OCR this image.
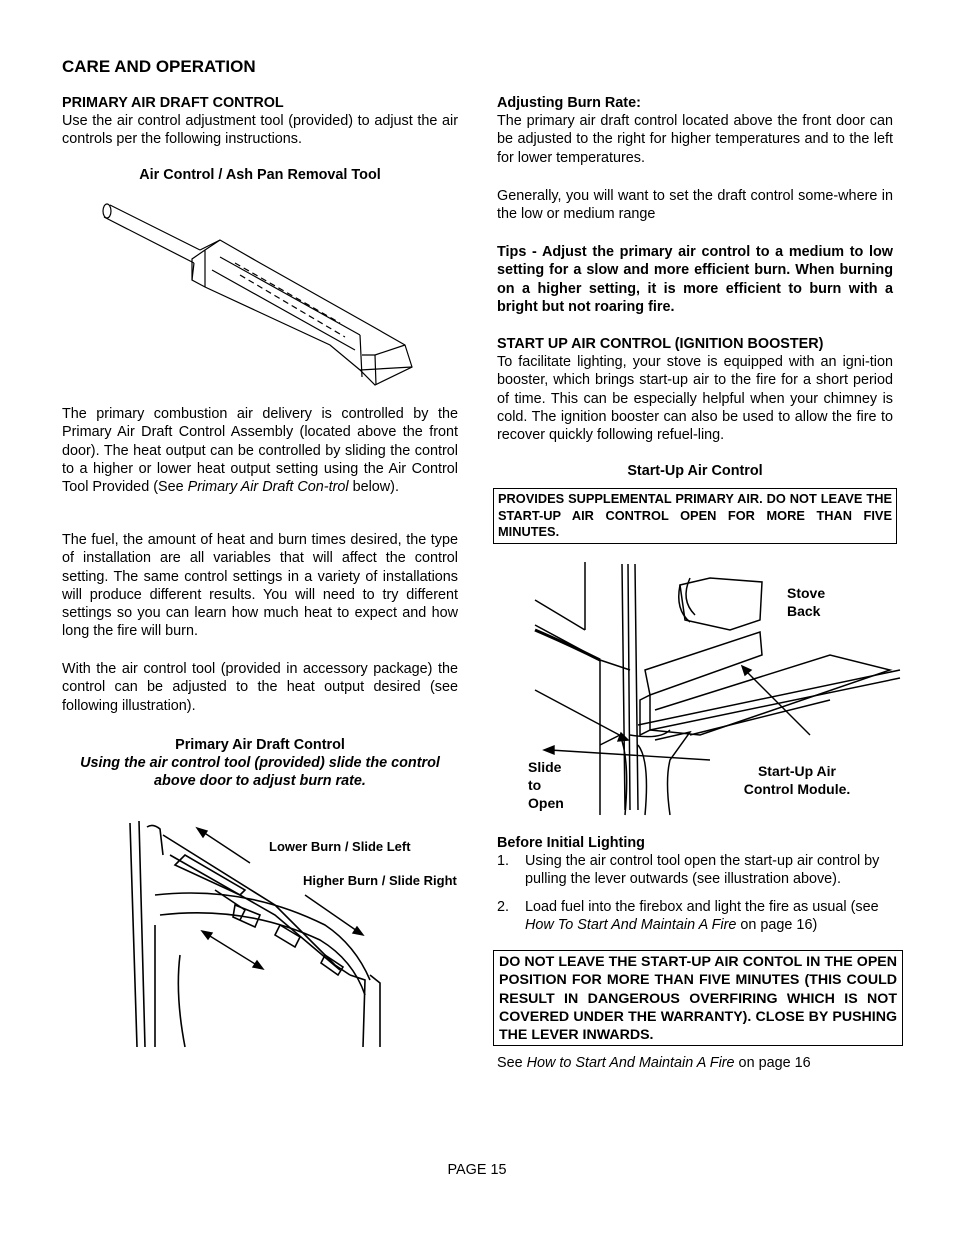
CARE AND OPERATION
PRIMARY AIR DRAFT CONTROL
Use the air control adjustment tool (provided) to adjust the air controls per the following instructions.
Air Control / Ash Pan Removal Tool
The primary combustion air delivery is controlled by the Primary Air Draft Control Assembly (located above the front door). The heat output can be controlled by sliding the control to a higher or lower heat output setting using the Air Control Tool Provided (See Primary Air Draft Con-trol below).
The fuel, the amount of heat and burn times desired, the type of installation are all variables that will affect the control setting. The same control settings in a variety of installations will produce different results. You will need to try different settings so you can learn how much heat to expect and how long the fire will burn.
With the air control tool (provided in accessory package) the control can be adjusted to the heat output desired (see following illustration).
Primary Air Draft Control
Using the air control tool (provided) slide the control above door to adjust burn rate.
Lower Burn / Slide Left
Higher Burn / Slide Right
Adjusting Burn Rate:
The primary air draft control located above the front door can be adjusted to the right for higher temperatures and to the left for lower temperatures.
Generally, you will want to set the draft control some-where in the low or medium range
Tips - Adjust the primary air control to a medium to low setting for a slow and more efficient burn. When burning on a higher setting, it is more efficient to burn with a bright but not roaring fire.
START UP AIR CONTROL (IGNITION BOOSTER)
To facilitate lighting, your stove is equipped with an igni-tion booster, which brings start-up air to the fire for a short period of time. This can be especially helpful when your chimney is cold. The ignition booster can also be used to allow the fire to recover quickly following refuel-ling.
Start-Up Air Control
PROVIDES SUPPLEMENTAL PRIMARY AIR. DO NOT LEAVE THE START-UP AIR CONTROL OPEN FOR MORE THAN FIVE MINUTES.
Stove
Back
Slide
to
Open
Start-Up Air
Control Module.
Before Initial Lighting
1. Using the air control tool open the start-up air control by pulling the lever outwards (see illustration above).
2. Load fuel into the firebox and light the fire as usual (see How To Start And Maintain A Fire on page 16)
DO NOT LEAVE THE START-UP AIR CONTOL IN THE OPEN POSITION FOR MORE THAN FIVE MINUTES (THIS COULD RESULT IN DANGEROUS OVERFIRING WHICH IS NOT COVERED UNDER THE WARRANTY). CLOSE BY PUSHING THE LEVER INWARDS.
See How to Start And Maintain A Fire on page 16
PAGE 15
